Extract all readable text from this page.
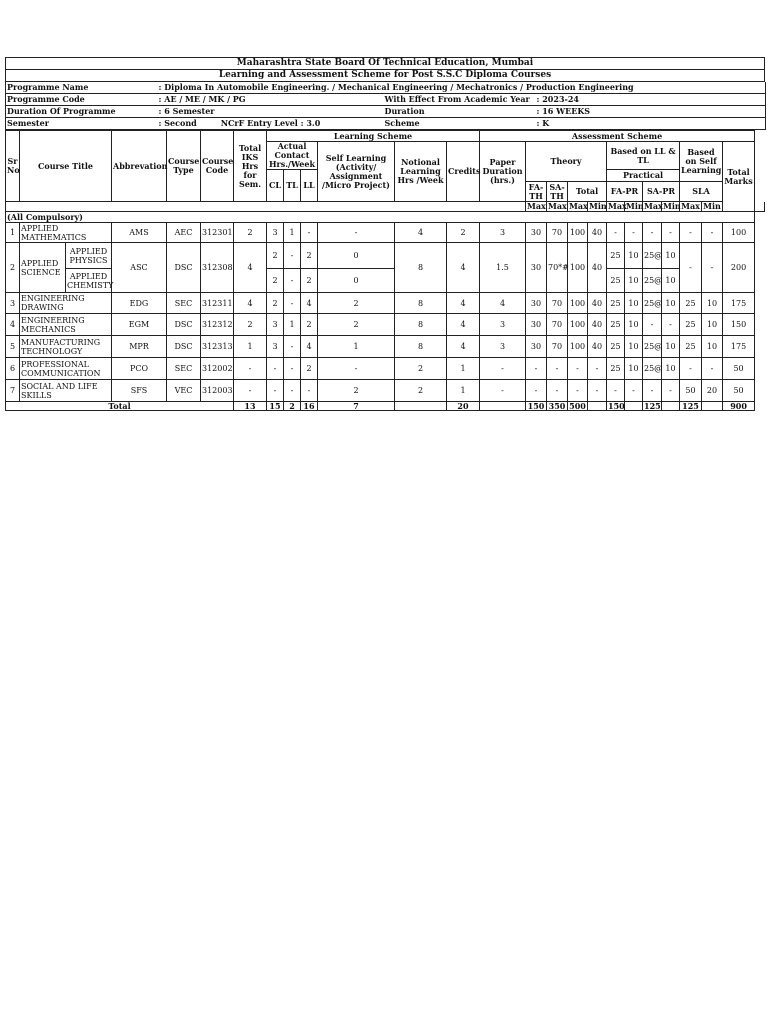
Maharashtra State Board Of Technical Education, Mumbai
Learning and Assessment Scheme for Post S.S.C Diploma Courses
Programme Name	: Diploma In Automobile Engineering. / Mechanical Engineering / Mechatronics / Production Engineering		
Programme Code	: AE / ME / MK / PG	With Effect From Academic Year	: 2023-24
Duration Of Programme	: 6 Semester	Duration	: 16 WEEKS
Semester	: Second NCrF Entry Level : 3.0	Scheme	: K
Sr No	Course Title		Abbrevation	Course Type	Course Code	Total IKS Hrs for Sem.	Learning Scheme						Assessment Scheme												
							Actual Contact Hrs./Week			Self Learning (Activity/ Assignment /Micro Project)	Notional Learning Hrs /Week	Credits	Paper Duration (hrs.)	Theory				Based on LL & TL				Based on Self Learning		Total Marks	
							CL	TL	LL									Practical							
														FA-TH	SA-TH	Total		FA-PR		SA-PR		SLA			
														Max	Max	Max	Min	Max	Min	Max	Min	Max	Min		
(All Compulsory)																									
1	APPLIED MATHEMATICS		AMS	AEC	312301	2	3	1	-	-	4	2	3	30	70	100	40	-	-	-	-	-	-	100	
2	APPLIED SCIENCE	APPLIED PHYSICS	ASC	DSC	312308	4	2	-	2	0	8	4	1.5	30	70*#	100	40	25	10	25@	10	-	-	200	
		APPLIED CHEMISTY					2	-	2	0								25	10	25@	10				
3	ENGINEERING DRAWING		EDG	SEC	312311	4	2	-	4	2	8	4	4	30	70	100	40	25	10	25@	10	25	10	175	
4	ENGINEERING MECHANICS		EGM	DSC	312312	2	3	1	2	2	8	4	3	30	70	100	40	25	10	-	-	25	10	150	
5	MANUFACTURING TECHNOLOGY		MPR	DSC	312313	1	3	-	4	1	8	4	3	30	70	100	40	25	10	25@	10	25	10	175	
6	PROFESSIONAL COMMUNICATION		PCO	SEC	312002	-	-	-	2	-	2	1	-	-	-	-	-	25	10	25@	10	-	-	50	
7	SOCIAL AND LIFE SKILLS		SFS	VEC	312003	-	-	-	-	2	2	1	-	-	-	-	-	-	-	-	-	50	20	50	
Total						13	15	2	16	7		20		150	350	500		150		125		125		900	
